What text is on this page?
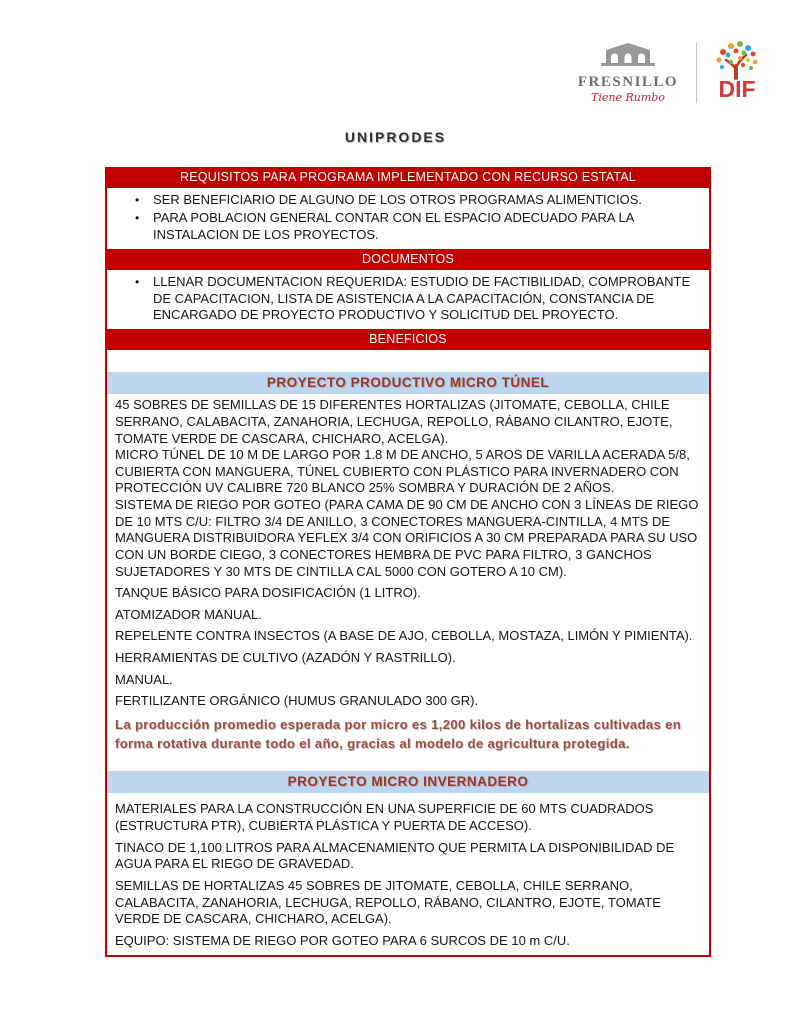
FRESNILLO
Tiene Rumbo	DIF
UNIPRODES
REQUISITOS PARA PROGRAMA IMPLEMENTADO CON RECURSO ESTATAL
•	SER BENEFICIARIO DE ALGUNO DE LOS OTROS PROGRAMAS ALIMENTICIOS.
•	PARA POBLACION GENERAL CONTAR CON EL ESPACIO ADECUADO PARA LA INSTALACION DE LOS PROYECTOS.
DOCUMENTOS
•	LLENAR DOCUMENTACION REQUERIDA: ESTUDIO DE FACTIBILIDAD, COMPROBANTE DE CAPACITACION, LISTA DE ASISTENCIA A LA CAPACITACIÓN, CONSTANCIA DE ENCARGADO DE PROYECTO PRODUCTIVO Y SOLICITUD DEL PROYECTO.
BENEFICIOS
PROYECTO PRODUCTIVO MICRO TÚNEL

45 SOBRES DE SEMILLAS DE 15 DIFERENTES HORTALIZAS (JITOMATE, CEBOLLA, CHILE SERRANO, CALABACITA, ZANAHORIA, LECHUGA, REPOLLO, RÁBANO CILANTRO, EJOTE, TOMATE VERDE DE CASCARA, CHICHARO, ACELGA).

MICRO TÚNEL DE 10 M DE LARGO POR 1.8 M DE ANCHO, 5 AROS DE VARILLA ACERADA 5/8, CUBIERTA CON MANGUERA, TÚNEL CUBIERTO CON PLÁSTICO PARA INVERNADERO CON PROTECCIÓN UV CALIBRE 720 BLANCO 25% SOMBRA Y DURACIÓN DE 2 AÑOS.

SISTEMA DE RIEGO POR GOTEO (PARA CAMA DE 90 CM DE ANCHO CON 3 LÍNEAS DE RIEGO DE 10 MTS C/U: FILTRO 3/4 DE ANILLO, 3 CONECTORES MANGUERA-CINTILLA, 4 MTS DE MANGUERA DISTRIBUIDORA YEFLEX 3/4 CON ORIFICIOS A 30 CM PREPARADA PARA SU USO CON UN BORDE CIEGO, 3 CONECTORES HEMBRA DE PVC PARA FILTRO, 3 GANCHOS SUJETADORES Y 30 MTS DE CINTILLA CAL 5000 CON GOTERO A 10 CM).

TANQUE BÁSICO PARA DOSIFICACIÓN (1 LITRO).

ATOMIZADOR MANUAL.

REPELENTE CONTRA INSECTOS (A BASE DE AJO, CEBOLLA, MOSTAZA, LIMÓN Y PIMIENTA).

HERRAMIENTAS DE CULTIVO (AZADÓN Y RASTRILLO).

MANUAL.

FERTILIZANTE ORGÁNICO (HUMUS GRANULADO 300 GR).

La producción promedio esperada por micro es 1,200 kilos de hortalizas cultivadas en forma rotativa durante todo el año, gracias al modelo de agricultura protegida.

PROYECTO MICRO INVERNADERO

MATERIALES PARA LA CONSTRUCCIÓN EN UNA SUPERFICIE DE 60 MTS CUADRADOS (ESTRUCTURA PTR), CUBIERTA PLÁSTICA Y PUERTA DE ACCESO).

TINACO DE 1,100 LITROS PARA ALMACENAMIENTO QUE PERMITA LA DISPONIBILIDAD DE AGUA PARA EL RIEGO DE GRAVEDAD.

SEMILLAS DE HORTALIZAS 45 SOBRES DE JITOMATE, CEBOLLA, CHILE SERRANO, CALABACITA, ZANAHORIA, LECHUGA, REPOLLO, RÁBANO, CILANTRO, EJOTE, TOMATE VERDE DE CASCARA, CHICHARO, ACELGA).

EQUIPO: SISTEMA DE RIEGO POR GOTEO PARA 6 SURCOS DE 10 m C/U.
